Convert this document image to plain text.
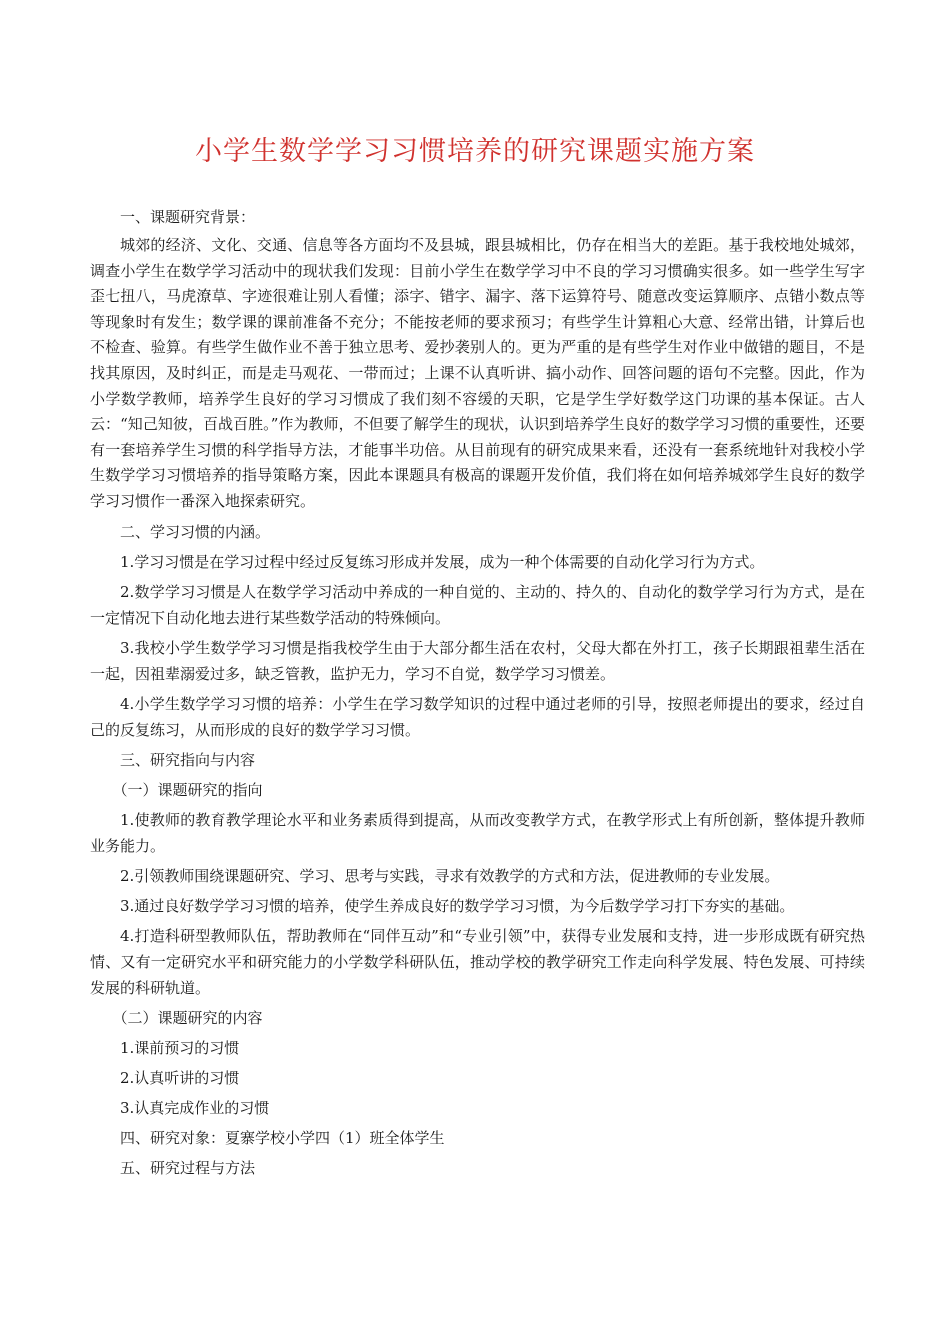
小学生数学学习习惯培养的研究课题实施方案

一、课题研究背景：

城郊的经济、文化、交通、信息等各方面均不及县城，跟县城相比，仍存在相当大的差距。基于我校地处城郊，调查小学生在数学学习活动中的现状我们发现：目前小学生在数学学习中不良的学习习惯确实很多。如一些学生写字歪七扭八，马虎潦草、字迹很难让别人看懂；添字、错字、漏字、落下运算符号、随意改变运算顺序、点错小数点等等现象时有发生；数学课的课前准备不充分；不能按老师的要求预习；有些学生计算粗心大意、经常出错，计算后也不检查、验算。有些学生做作业不善于独立思考、爱抄袭别人的。更为严重的是有些学生对作业中做错的题目，不是找其原因，及时纠正，而是走马观花、一带而过；上课不认真听讲、搞小动作、回答问题的语句不完整。因此，作为小学数学教师，培养学生良好的学习习惯成了我们刻不容缓的天职，它是学生学好数学这门功课的基本保证。古人云：“知己知彼，百战百胜。”作为教师，不但要了解学生的现状，认识到培养学生良好的数学学习习惯的重要性，还要有一套培养学生习惯的科学指导方法，才能事半功倍。从目前现有的研究成果来看，还没有一套系统地针对我校小学生数学学习习惯培养的指导策略方案，因此本课题具有极高的课题开发价值，我们将在如何培养城郊学生良好的数学学习习惯作一番深入地探索研究。

二、学习习惯的内涵。

1.学习习惯是在学习过程中经过反复练习形成并发展，成为一种个体需要的自动化学习行为方式。

2.数学学习习惯是人在数学学习活动中养成的一种自觉的、主动的、持久的、自动化的数学学习行为方式，是在一定情况下自动化地去进行某些数学活动的特殊倾向。

3.我校小学生数学学习习惯是指我校学生由于大部分都生活在农村，父母大都在外打工，孩子长期跟祖辈生活在一起，因祖辈溺爱过多，缺乏管教，监护无力，学习不自觉，数学学习习惯差。

4.小学生数学学习习惯的培养：小学生在学习数学知识的过程中通过老师的引导，按照老师提出的要求，经过自己的反复练习，从而形成的良好的数学学习习惯。

三、研究指向与内容

（一）课题研究的指向

1.使教师的教育教学理论水平和业务素质得到提高，从而改变教学方式，在教学形式上有所创新，整体提升教师业务能力。

2.引领教师围绕课题研究、学习、思考与实践，寻求有效教学的方式和方法，促进教师的专业发展。

3.通过良好数学学习习惯的培养，使学生养成良好的数学学习习惯，为今后数学学习打下夯实的基础。

4.打造科研型教师队伍，帮助教师在“同伴互动”和“专业引领”中，获得专业发展和支持，进一步形成既有研究热情、又有一定研究水平和研究能力的小学数学科研队伍，推动学校的教学研究工作走向科学发展、特色发展、可持续发展的科研轨道。

（二）课题研究的内容

1.课前预习的习惯

2.认真听讲的习惯

3.认真完成作业的习惯

四、研究对象：夏寨学校小学四（1）班全体学生

五、研究过程与方法
